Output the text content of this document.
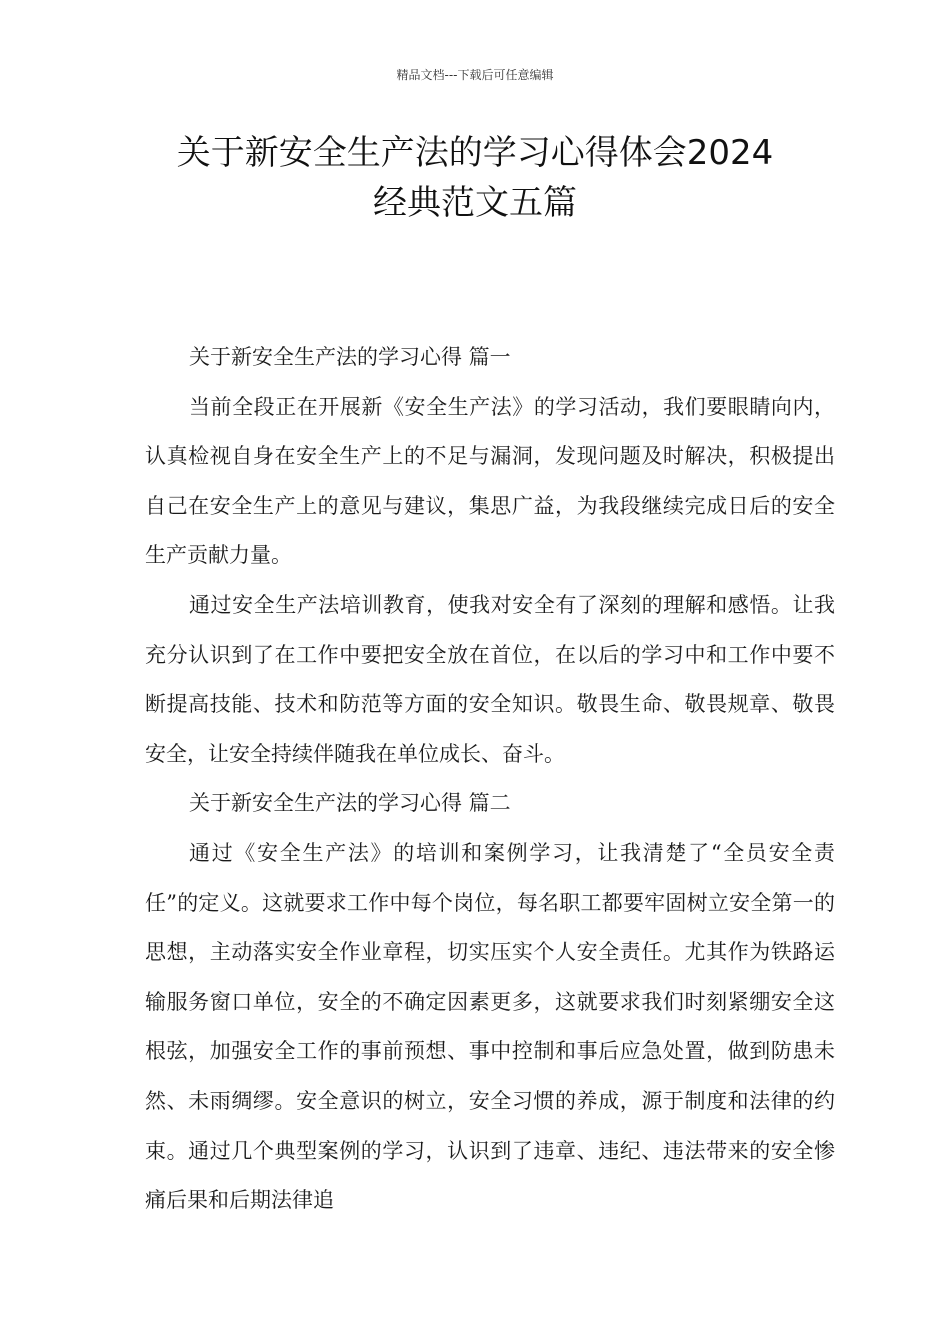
精品文档---下载后可任意编辑
关于新安全生产法的学习心得体会2024
经典范文五篇

关于新安全生产法的学习心得 篇一

当前全段正在开展新《安全生产法》的学习活动，我们要眼睛向内，认真检视自身在安全生产上的不足与漏洞，发现问题及时解决，积极提出自己在安全生产上的意见与建议，集思广益，为我段继续完成日后的安全生产贡献力量。

通过安全生产法培训教育，使我对安全有了深刻的理解和感悟。让我充分认识到了在工作中要把安全放在首位，在以后的学习中和工作中要不断提高技能、技术和防范等方面的安全知识。敬畏生命、敬畏规章、敬畏安全，让安全持续伴随我在单位成长、奋斗。

关于新安全生产法的学习心得 篇二

通过《安全生产法》的培训和案例学习，让我清楚了“全员安全责任”的定义。这就要求工作中每个岗位，每名职工都要牢固树立安全第一的思想，主动落实安全作业章程，切实压实个人安全责任。尤其作为铁路运输服务窗口单位，安全的不确定因素更多，这就要求我们时刻紧绷安全这根弦，加强安全工作的事前预想、事中控制和事后应急处置，做到防患未然、未雨绸缪。安全意识的树立，安全习惯的养成，源于制度和法律的约束。通过几个典型案例的学习，认识到了违章、违纪、违法带来的安全惨痛后果和后期法律追
